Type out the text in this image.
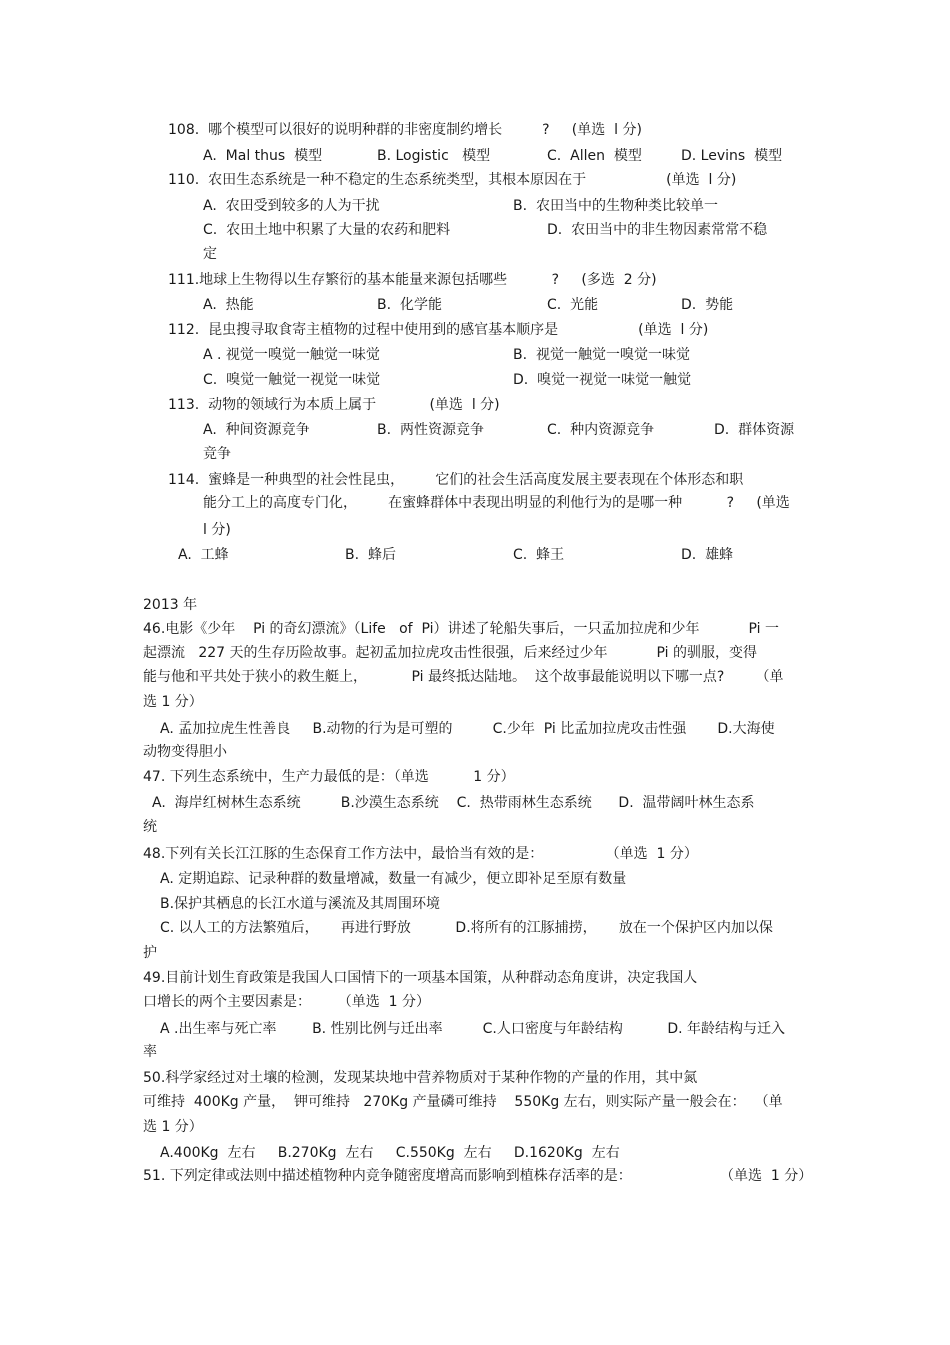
108.  哪个模型可以很好的说明种群的非密度制约增长         ?     (单选  l 分)
A.  Mal thus  模型	B. Logistic   模型	C.  Allen  模型	D. Levins  模型
110.  农田生态系统是一种不稳定的生态系统类型，其根本原因在于                  (单选  l 分)
A.  农田受到较多的人为干扰	B.  农田当中的生物种类比较单一
C.  农田土地中积累了大量的农药和肥料	D.  农田当中的非生物因素常常不稳
定
111.地球上生物得以生存繁衍的基本能量来源包括哪些          ?     (多选  2 分)
A.  热能	B.  化学能	C.  光能	D.  势能
112.  昆虫搜寻取食寄主植物的过程中使用到的感官基本顺序是                  (单选  l 分)
A . 视觉一嗅觉一触觉一味觉	B.  视觉一触觉一嗅觉一味觉
C.  嗅觉一触觉一视觉一味觉	D.  嗅觉一视觉一味觉一触觉
113.  动物的领域行为本质上属于            (单选  l 分)
A.  种间资源竞争	B.  两性资源竞争	C.  种内资源竞争	D.  群体资源
竞争
114.  蜜蜂是一种典型的社会性昆虫，       它们的社会生活高度发展主要表现在个体形态和职
能分工上的高度专门化，       在蜜蜂群体中表现出明显的利他行为的是哪一种          ?     (单选
l 分)
A.  工蜂	B.  蜂后	C.  蜂王	D.  雄蜂
2013 年
46.电影《少年    Pi 的奇幻漂流》（Life   of  Pi）讲述了轮船失事后，一只孟加拉虎和少年           Pi 一
起漂流   227 天的生存历险故事。起初孟加拉虎攻击性很强，后来经过少年           Pi 的驯服，变得
能与他和平共处于狭小的救生艇上，          Pi 最终抵达陆地。  这个故事最能说明以下哪一点?       （单
选 1 分）
A. 孟加拉虎生性善良     B.动物的行为是可塑的         C.少年  Pi 比孟加拉虎攻击性强       D.大海使
动物变得胆小
47. 下列生态系统中，生产力最低的是：（单选          1 分）
A.  海岸红树林生态系统         B.沙漠生态系统    C.  热带雨林生态系统      D.  温带阔叶林生态系
统
48.下列有关长江江豚的生态保育工作方法中，最恰当有效的是：              （单选  1 分）
A. 定期追踪、记录种群的数量增减，数量一有减少，便立即补足至原有数量
B.保护其栖息的长江水道与溪流及其周围环境
C. 以人工的方法繁殖后，     再进行野放          D.将所有的江豚捕捞，     放在一个保护区内加以保
护
49.目前计划生育政策是我国人口国情下的一项基本国策，从种群动态角度讲，决定我国人
口增长的两个主要因素是：      （单选  1 分）
A .出生率与死亡率        B. 性别比例与迁出率         C.人口密度与年龄结构          D. 年龄结构与迁入
率
50.科学家经过对土壤的检测，发现某块地中营养物质对于某种作物的产量的作用，其中氮
可维持  400Kg 产量，  钾可维持   270Kg 产量磷可维持    550Kg 左右，则实际产量一般会在：  （单
选 1 分）
A.400Kg  左右     B.270Kg  左右     C.550Kg  左右     D.1620Kg  左右
51. 下列定律或法则中描述植物种内竞争随密度增高而影响到植株存活率的是：	（单选  1 分）
